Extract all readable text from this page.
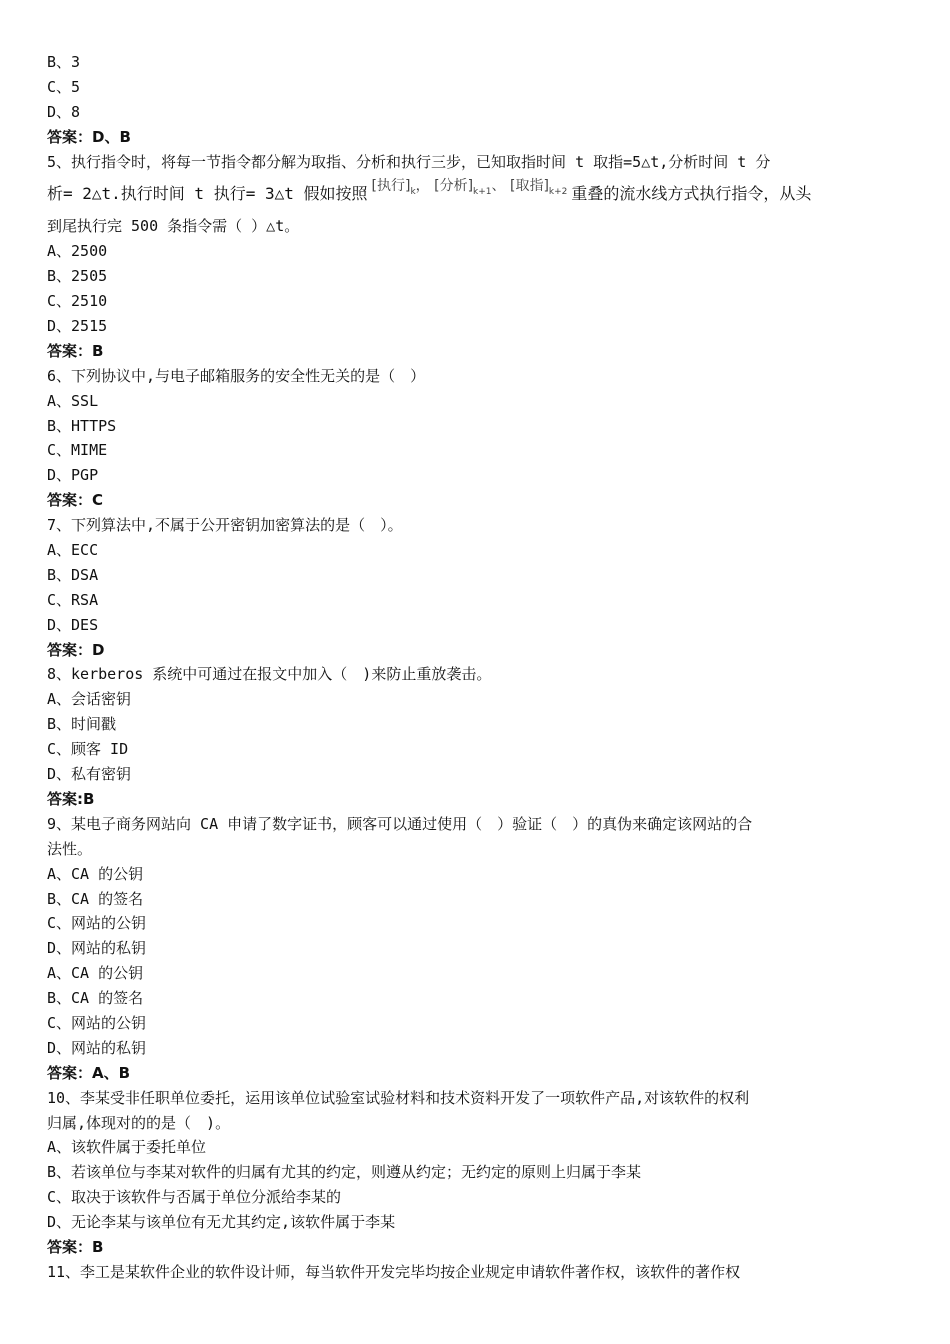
B、3
C、5
D、8
答案：D、B
5、执行指令时，将每一节指令都分解为取指、分析和执行三步，已知取指时间 t 取指=5△t,分析时间 t 分
析= 2△t.执行时间 t 执行= 3△t 假如按照 [执行]$_k$， [分析]$_{k+1}$、 [取指]$_{k+2}$ 重叠的流水线方式执行指令，从头
到尾执行完 500 条指令需（ ）△t。
A、2500
B、2505
C、2510
D、2515
答案：B
6、下列协议中,与电子邮箱服务的安全性无关的是（　）
A、SSL
B、HTTPS
C、MIME
D、PGP
答案：C
7、下列算法中,不属于公开密钥加密算法的是（　）。
A、ECC
B、DSA
C、RSA
D、DES
答案：D
8、kerberos 系统中可通过在报文中加入（　)来防止重放袭击。
A、会话密钥
B、时间戳
C、顾客 ID
D、私有密钥
答案:B
9、某电子商务网站向 CA 申请了数字证书，顾客可以通过使用（　）验证（　）的真伪来确定该网站的合
法性。
A、CA 的公钥
B、CA 的签名
C、网站的公钥
D、网站的私钥
A、CA 的公钥
B、CA 的签名
C、网站的公钥
D、网站的私钥
答案：A、B
10、李某受非任职单位委托，运用该单位试验室试验材料和技术资料开发了一项软件产品,对该软件的权利
归属,体现对的的是（　)。
A、该软件属于委托单位
B、若该单位与李某对软件的归属有尤其的约定，则遵从约定；无约定的原则上归属于李某
C、取决于该软件与否属于单位分派给李某的
D、无论李某与该单位有无尤其约定,该软件属于李某
答案：B
11、李工是某软件企业的软件设计师，每当软件开发完毕均按企业规定申请软件著作权，该软件的著作权
